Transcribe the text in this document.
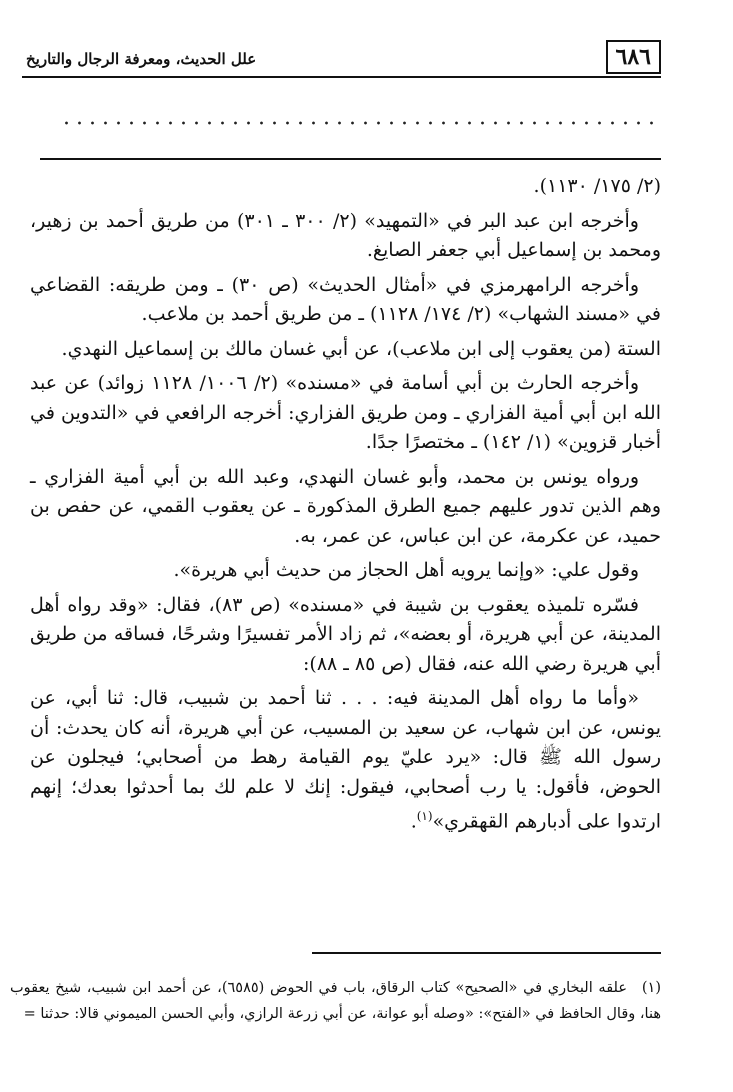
٦٨٦
علل الحديث، ومعرفة الرجال والتاريخ

(٢/ ١٧٥/ ١١٣٠).

وأخرجه ابن عبد البر في «التمهيد» (٢/ ٣٠٠ ـ ٣٠١) من طريق أحمد بن زهير، ومحمد بن إسماعيل أبي جعفر الصايغ.

وأخرجه الرامهرمزي في «أمثال الحديث» (ص ٣٠) ـ ومن طريقه: القضاعي في «مسند الشهاب» (٢/ ١٧٤/ ١١٢٨) ـ من طريق أحمد بن ملاعب.

الستة (من يعقوب إلى ابن ملاعب)، عن أبي غسان مالك بن إسماعيل النهدي.

وأخرجه الحارث بن أبي أسامة في «مسنده» (٢/ ١٠٠٦/ ١١٢٨ زوائد) عن عبد الله ابن أبي أمية الفزاري ـ ومن طريق الفزاري: أخرجه الرافعي في «التدوين في أخبار قزوين» (١/ ١٤٢) ـ مختصرًا جدًا.

ورواه يونس بن محمد، وأبو غسان النهدي، وعبد الله بن أبي أمية الفزاري ـ وهم الذين تدور عليهم جميع الطرق المذكورة ـ عن يعقوب القمي، عن حفص بن حميد، عن عكرمة، عن ابن عباس، عن عمر، به.

وقول علي: «وإنما يرويه أهل الحجاز من حديث أبي هريرة».

فسّره تلميذه يعقوب بن شيبة في «مسنده» (ص ٨٣)، فقال: «وقد رواه أهل المدينة، عن أبي هريرة، أو بعضه»، ثم زاد الأمر تفسيرًا وشرحًا، فساقه من طريق أبي هريرة رضي الله عنه، فقال (ص ٨٥ ـ ٨٨):

«وأما ما رواه أهل المدينة فيه: . . . ثنا أحمد بن شبيب، قال: ثنا أبي، عن يونس، عن ابن شهاب، عن سعيد بن المسيب، عن أبي هريرة، أنه كان يحدث: أن رسول الله ﷺ قال: «يرد عليّ يوم القيامة رهط من أصحابي؛ فيجلون عن الحوض، فأقول: يا رب أصحابي، فيقول: إنك لا علم لك بما أحدثوا بعدك؛ إنهم ارتدوا على أدبارهم القهقري»$^{(١)}$.

(١)علقه البخاري في «الصحيح» كتاب الرقاق، باب في الحوض (٦٥٨٥)، عن أحمد ابن شبيب، شيخ يعقوب هنا، وقال الحافظ في «الفتح»: «وصله أبو عوانة، عن أبي زرعة الرازي، وأبي الحسن الميموني قالا: حدثنا =
